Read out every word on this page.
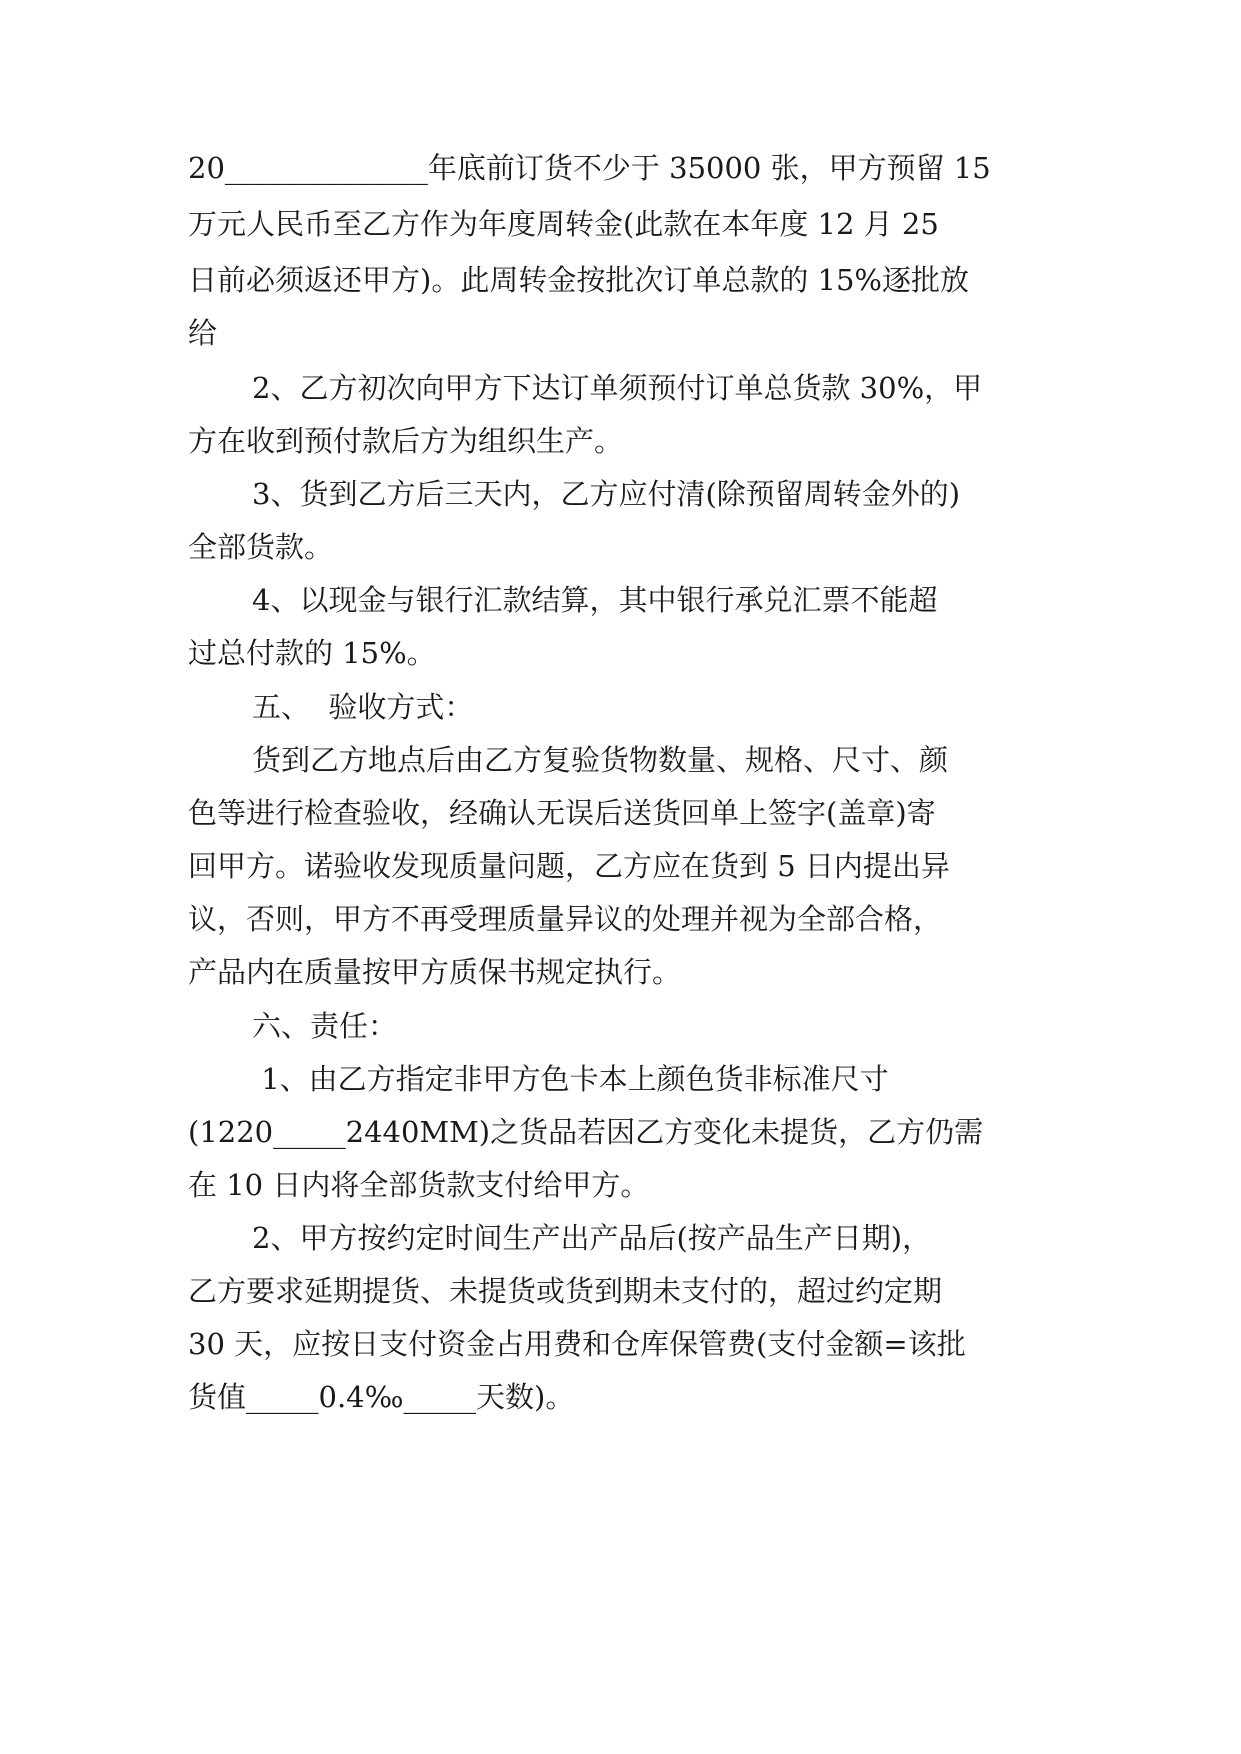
20______________年底前订货不少于 35000 张，甲方预留 15
万元人民币至乙方作为年度周转金(此款在本年度 12 月 25
日前必须返还甲方)。此周转金按批次订单总款的 15%逐批放
给
2、乙方初次向甲方下达订单须预付订单总货款 30%，甲
方在收到预付款后方为组织生产。
3、货到乙方后三天内，乙方应付清(除预留周转金外的)
全部货款。
4、以现金与银行汇款结算，其中银行承兑汇票不能超
过总付款的 15%。
五、  验收方式：
货到乙方地点后由乙方复验货物数量、规格、尺寸、颜
色等进行检查验收，经确认无误后送货回单上签字(盖章)寄
回甲方。诺验收发现质量问题，乙方应在货到 5 日内提出异
议，否则，甲方不再受理质量异议的处理并视为全部合格，
产品内在质量按甲方质保书规定执行。
六、责任：
1、由乙方指定非甲方色卡本上颜色货非标准尺寸
(1220_____2440MM)之货品若因乙方变化未提货，乙方仍需
在 10 日内将全部货款支付给甲方。
2、甲方按约定时间生产出产品后(按产品生产日期)，
乙方要求延期提货、未提货或货到期未支付的，超过约定期
30 天，应按日支付资金占用费和仓库保管费(支付金额=该批
货值_____0.4‰_____天数)。
